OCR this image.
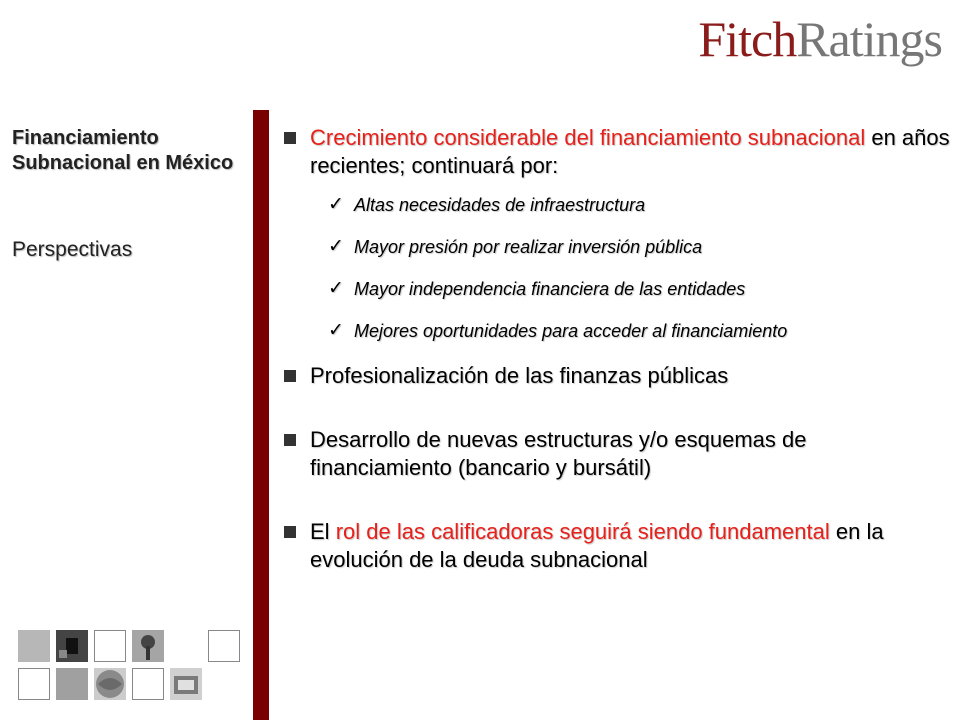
FitchRatings
Financiamiento Subnacional en México
Perspectivas
Crecimiento considerable del financiamiento subnacional en años recientes; continuará por:
✓ Altas necesidades de infraestructura
✓ Mayor presión por realizar inversión pública
✓ Mayor independencia financiera de las entidades
✓ Mejores oportunidades para acceder al financiamiento
Profesionalización de las finanzas públicas
Desarrollo de nuevas estructuras y/o esquemas de financiamiento (bancario y bursátil)
El rol de las calificadoras seguirá siendo fundamental en la evolución de la deuda subnacional
